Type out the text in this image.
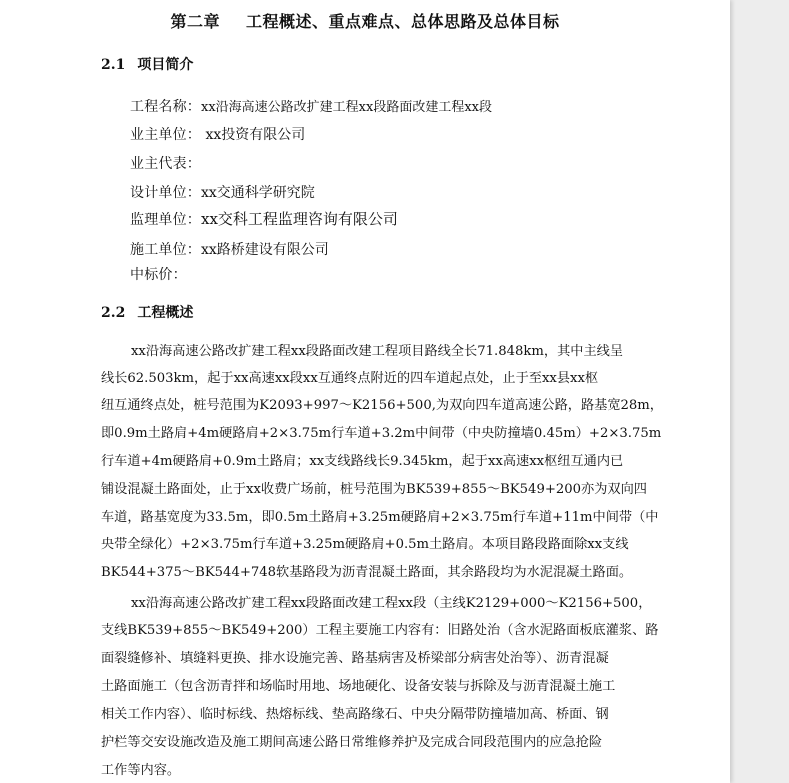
第二章 工程概述、重点难点、总体思路及总体目标
2.1 项目简介
工程名称：xx沿海高速公路改扩建工程xx段路面改建工程xx段
业主单位： xx投资有限公司
业主代表：
设计单位：xx交通科学研究院
监理单位：xx交科工程监理咨询有限公司
施工单位：xx路桥建设有限公司
中标价：
2.2 工程概述
xx沿海高速公路改扩建工程xx段路面改建工程项目路线全长71.848km，其中主线呈
线长62.503km，起于xx高速xx段xx互通终点附近的四车道起点处，止于至xx县xx枢
纽互通终点处，桩号范围为K2093+997～K2156+500,为双向四车道高速公路，路基宽28m，
即0.9m土路肩+4m硬路肩+2×3.75m行车道+3.2m中间带（中央防撞墙0.45m）+2×3.75m
行车道+4m硬路肩+0.9m土路肩；xx支线路线长9.345km，起于xx高速xx枢纽互通内已
铺设混凝土路面处，止于xx收费广场前，桩号范围为BK539+855～BK549+200亦为双向四
车道，路基宽度为33.5m，即0.5m土路肩+3.25m硬路肩+2×3.75m行车道+11m中间带（中
央带全绿化）+2×3.75m行车道+3.25m硬路肩+0.5m土路肩。本项目路段路面除xx支线
BK544+375～BK544+748软基路段为沥青混凝土路面，其余路段均为水泥混凝土路面。
xx沿海高速公路改扩建工程xx段路面改建工程xx段（主线K2129+000～K2156+500，
支线BK539+855～BK549+200）工程主要施工内容有：旧路处治（含水泥路面板底灌浆、路
面裂缝修补、填缝料更换、排水设施完善、路基病害及桥梁部分病害处治等）、沥青混凝
土路面施工（包含沥青拌和场临时用地、场地硬化、设备安装与拆除及与沥青混凝土施工
相关工作内容）、临时标线、热熔标线、垫高路缘石、中央分隔带防撞墙加高、桥面、钢
护栏等交安设施改造及施工期间高速公路日常维修养护及完成合同段范围内的应急抢险
工作等内容。
